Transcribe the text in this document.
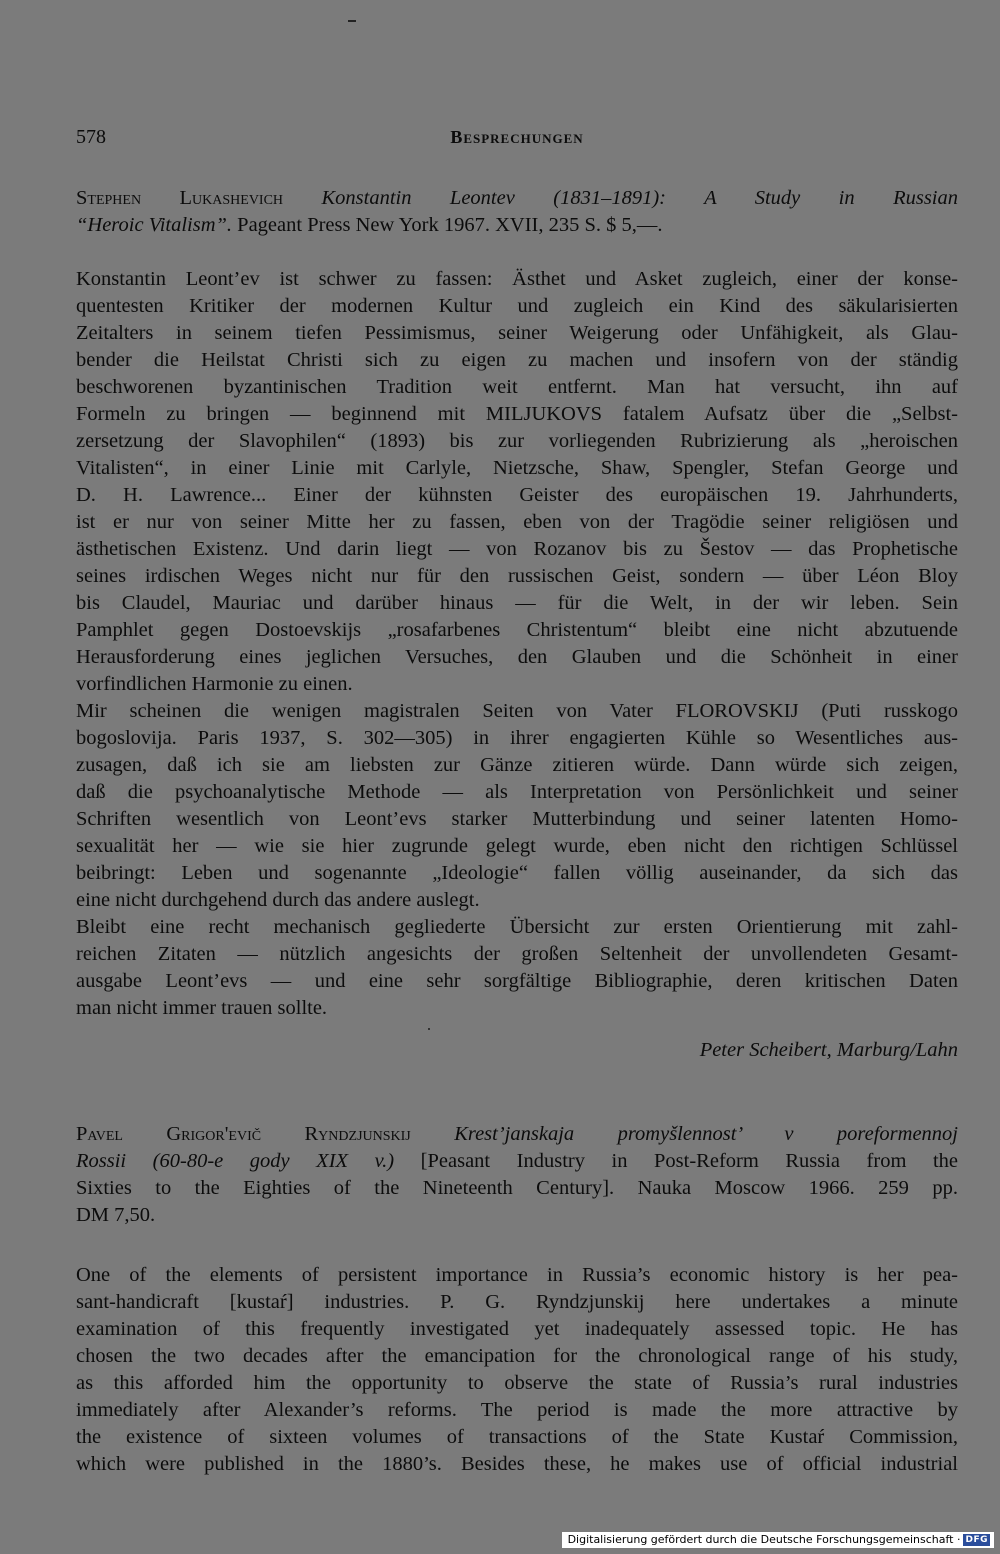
578	Besprechungen
Stephen Lukashevich Konstantin Leontev (1831–1891): A Study in Russian
“Heroic Vitalism”. Pageant Press New York 1967. XVII, 235 S. $ 5,—.
Konstantin Leont’ev ist schwer zu fassen: Ästhet und Asket zugleich, einer der konse-
quentesten Kritiker der modernen Kultur und zugleich ein Kind des säkularisierten
Zeitalters in seinem tiefen Pessimismus, seiner Weigerung oder Unfähigkeit, als Glau-
bender die Heilstat Christi sich zu eigen zu machen und insofern von der ständig
beschworenen byzantinischen Tradition weit entfernt. Man hat versucht, ihn auf
Formeln zu bringen — beginnend mit MILJUKOVS fatalem Aufsatz über die „Selbst-
zersetzung der Slavophilen“ (1893) bis zur vorliegenden Rubrizierung als „heroischen
Vitalisten“, in einer Linie mit Carlyle, Nietzsche, Shaw, Spengler, Stefan George und
D. H. Lawrence... Einer der kühnsten Geister des europäischen 19. Jahrhunderts,
ist er nur von seiner Mitte her zu fassen, eben von der Tragödie seiner religiösen und
ästhetischen Existenz. Und darin liegt — von Rozanov bis zu Šestov — das Prophetische
seines irdischen Weges nicht nur für den russischen Geist, sondern — über Léon Bloy
bis Claudel, Mauriac und darüber hinaus — für die Welt, in der wir leben. Sein
Pamphlet gegen Dostoevskijs „rosafarbenes Christentum“ bleibt eine nicht abzutuende
Herausforderung eines jeglichen Versuches, den Glauben und die Schönheit in einer
vorfindlichen Harmonie zu einen.
Mir scheinen die wenigen magistralen Seiten von Vater FLOROVSKIJ (Puti russkogo
bogoslovija. Paris 1937, S. 302—305) in ihrer engagierten Kühle so Wesentliches aus-
zusagen, daß ich sie am liebsten zur Gänze zitieren würde. Dann würde sich zeigen,
daß die psychoanalytische Methode — als Interpretation von Persönlichkeit und seiner
Schriften wesentlich von Leont’evs starker Mutterbindung und seiner latenten Homo-
sexualität her — wie sie hier zugrunde gelegt wurde, eben nicht den richtigen Schlüssel
beibringt: Leben und sogenannte „Ideologie“ fallen völlig auseinander, da sich das
eine nicht durchgehend durch das andere auslegt.
Bleibt eine recht mechanisch gegliederte Übersicht zur ersten Orientierung mit zahl-
reichen Zitaten — nützlich angesichts der großen Seltenheit der unvollendeten Gesamt-
ausgabe Leont’evs — und eine sehr sorgfältige Bibliographie, deren kritischen Daten
man nicht immer trauen sollte.
Peter Scheibert, Marburg/Lahn
Pavel Grigor'evič Ryndzjunskij Krest’janskaja promyšlennost’ v poreformennoj
Rossii (60-80-e gody XIX v.) [Peasant Industry in Post-Reform Russia from the
Sixties to the Eighties of the Nineteenth Century]. Nauka Moscow 1966. 259 pp.
DM 7,50.
One of the elements of persistent importance in Russia’s economic history is her pea-
sant-handicraft [kustaŕ] industries. P. G. Ryndzjunskij here undertakes a minute
examination of this frequently investigated yet inadequately assessed topic. He has
chosen the two decades after the emancipation for the chronological range of his study,
as this afforded him the opportunity to observe the state of Russia’s rural industries
immediately after Alexander’s reforms. The period is made the more attractive by
the existence of sixteen volumes of transactions of the State Kustaŕ Commission,
which were published in the 1880’s. Besides these, he makes use of official industrial
Digitalisierung gefördert durch die Deutsche Forschungsgemeinschaft · DFG
